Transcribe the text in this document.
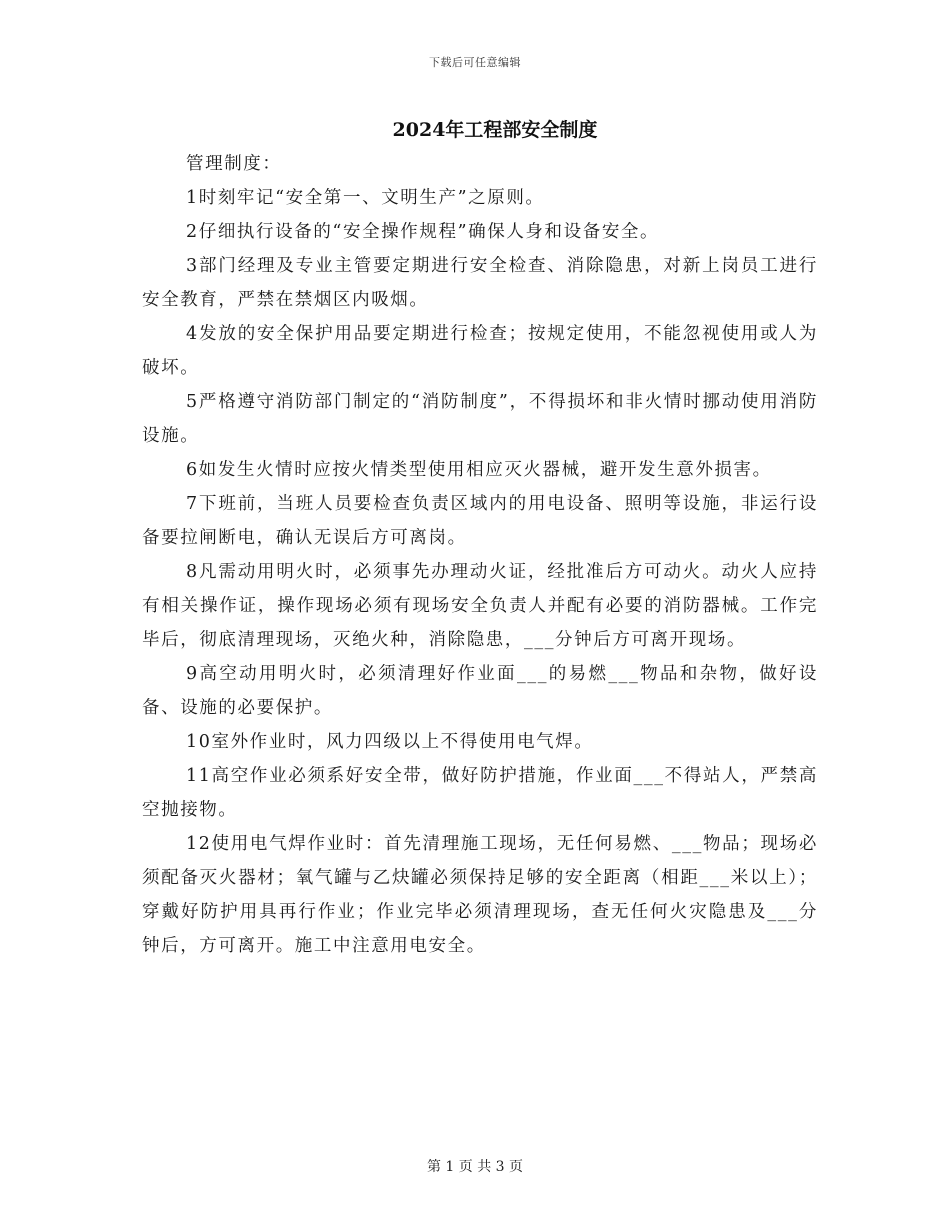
下载后可任意编辑
2024年工程部安全制度

管理制度：

1时刻牢记“安全第一、文明生产”之原则。

2仔细执行设备的“安全操作规程”确保人身和设备安全。

3部门经理及专业主管要定期进行安全检查、消除隐患，对新上岗员工进行安全教育，严禁在禁烟区内吸烟。

4发放的安全保护用品要定期进行检查；按规定使用，不能忽视使用或人为破坏。

5严格遵守消防部门制定的“消防制度”，不得损坏和非火情时挪动使用消防设施。

6如发生火情时应按火情类型使用相应灭火器械，避开发生意外损害。

7下班前，当班人员要检查负责区域内的用电设备、照明等设施，非运行设备要拉闸断电，确认无误后方可离岗。

8凡需动用明火时，必须事先办理动火证，经批准后方可动火。动火人应持有相关操作证，操作现场必须有现场安全负责人并配有必要的消防器械。工作完毕后，彻底清理现场，灭绝火种，消除隐患，___分钟后方可离开现场。

9高空动用明火时，必须清理好作业面___的易燃___物品和杂物，做好设备、设施的必要保护。

10室外作业时，风力四级以上不得使用电气焊。

11高空作业必须系好安全带，做好防护措施，作业面___不得站人，严禁高空抛接物。

12使用电气焊作业时：首先清理施工现场，无任何易燃、___物品；现场必须配备灭火器材；氧气罐与乙炔罐必须保持足够的安全距离（相距___米以上）；穿戴好防护用具再行作业；作业完毕必须清理现场，查无任何火灾隐患及___分钟后，方可离开。施工中注意用电安全。

第 1 页 共 3 页
